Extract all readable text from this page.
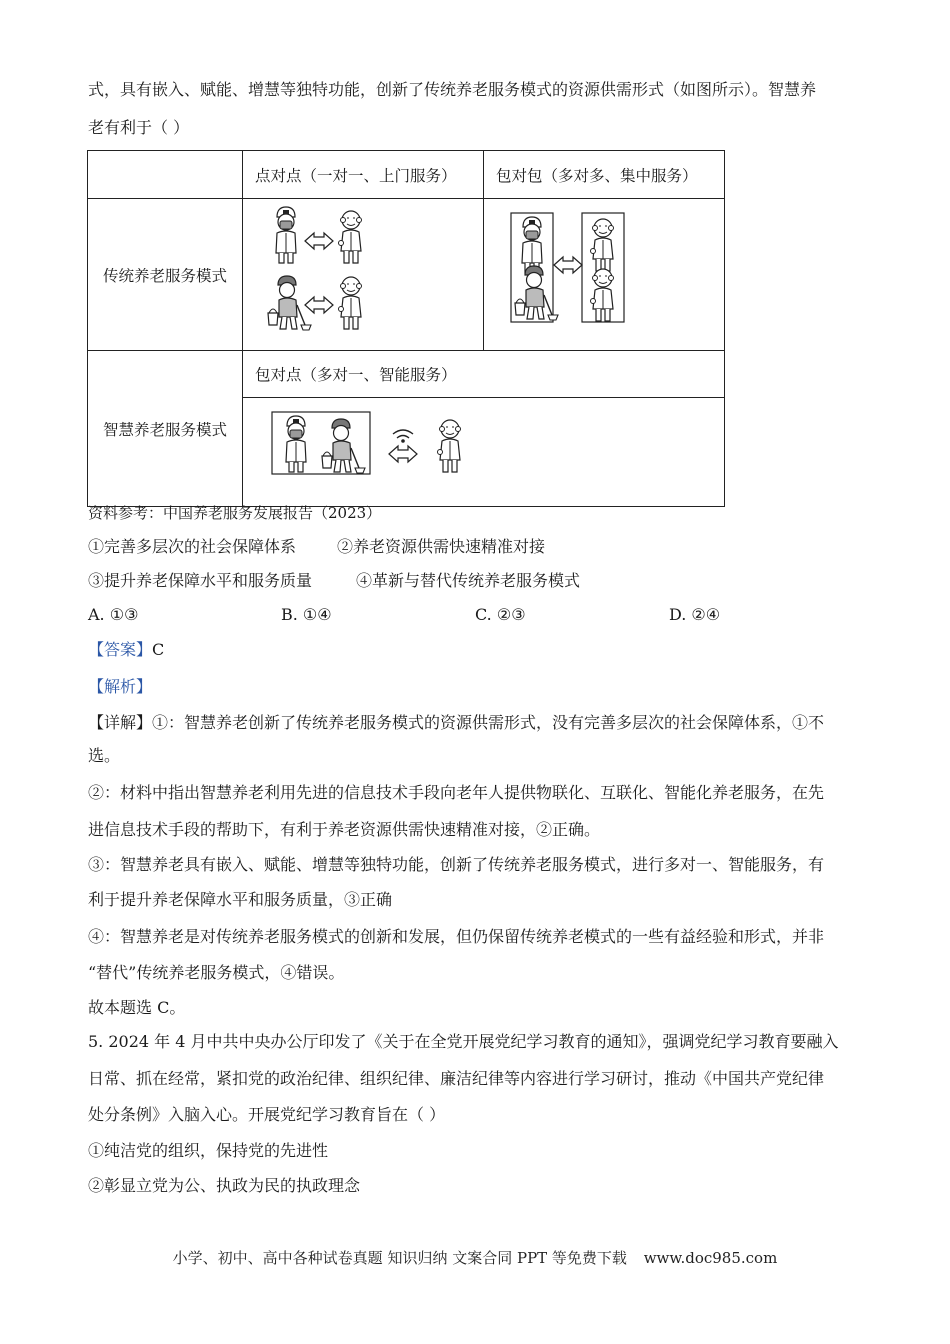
式，具有嵌入、赋能、增慧等独特功能，创新了传统养老服务模式的资源供需形式（如图所示）。智慧养
老有利于（ ）
	点对点（一对一、上门服务）	包对包（多对多、集中服务）
传统养老服务模式		
智慧养老服务模式	包对点（多对一、智能服务）	

资料参考：中国养老服务发展报告（2023）
①完善多层次的社会保障体系	②养老资源供需快速精准对接
③提升养老保障水平和服务质量	④革新与替代传统养老服务模式
A. ①③	B. ①④	C. ②③	D. ②④
【答案】C
【解析】
【详解】①：智慧养老创新了传统养老服务模式的资源供需形式，没有完善多层次的社会保障体系，①不
选。
②：材料中指出智慧养老利用先进的信息技术手段向老年人提供物联化、互联化、智能化养老服务，在先
进信息技术手段的帮助下，有利于养老资源供需快速精准对接，②正确。
③：智慧养老具有嵌入、赋能、增慧等独特功能，创新了传统养老服务模式，进行多对一、智能服务，有
利于提升养老保障水平和服务质量，③正确
④：智慧养老是对传统养老服务模式的创新和发展，但仍保留传统养老模式的一些有益经验和形式，并非
“替代”传统养老服务模式，④错误。
故本题选 C。
5. 2024 年 4 月中共中央办公厅印发了《关于在全党开展党纪学习教育的通知》，强调党纪学习教育要融入
日常、抓在经常，紧扣党的政治纪律、组织纪律、廉洁纪律等内容进行学习研讨，推动《中国共产党纪律
处分条例》入脑入心。开展党纪学习教育旨在（ ）
①纯洁党的组织，保持党的先进性
②彰显立党为公、执政为民的执政理念
小学、初中、高中各种试卷真题 知识归纳 文案合同 PPT 等免费下载 www.doc985.com
